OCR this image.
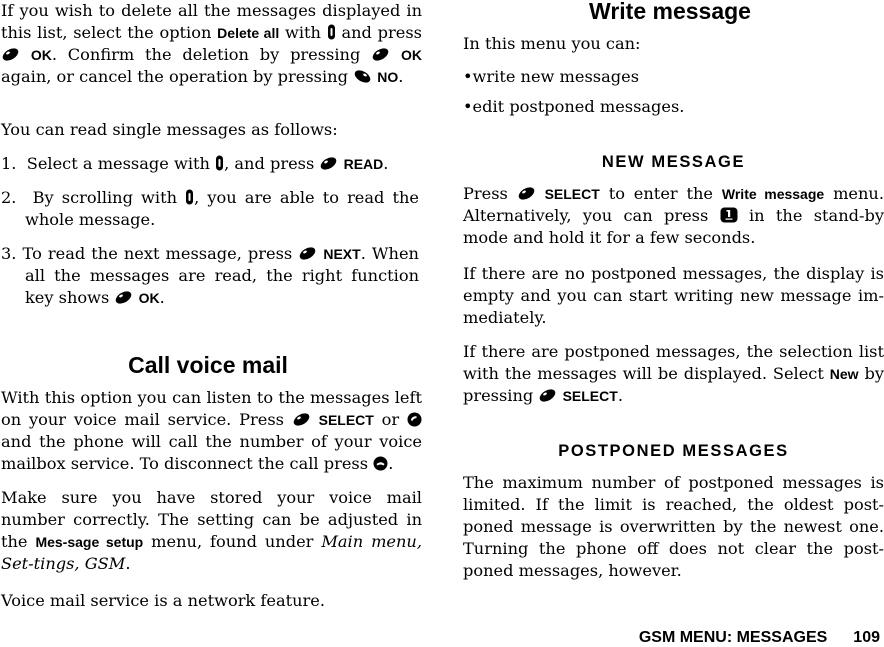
If you wish to delete all the messages displayed in this list, select the option Delete all with and press  OK. Confirm the deletion by pressing	OK again, or cancel the operation by pressing NO.

You can read single messages as follows:

1. Select a message with , and press READ.
2. By scrolling with , you are able to read the whole message.
3. To read the next message, press NEXT. When all the messages are read, the right function key shows OK.
Call voice mail

With this option you can listen to the messages left on your voice mail service. Press SELECT or  and the phone will call the number of your voice mailbox service. To disconnect the call press .

Make sure you have stored your voice mail number correctly. The setting can be adjusted in the Mes-sage setup menu, found under Main menu, Set-tings, GSM.

Voice mail service is a network feature.

Write message

In this menu you can:

•write new messages
•edit postponed messages.
NEW MESSAGE

Press	SELECT to enter the Write message menu. Alternatively, you can press	in the stand-by mode and hold it for a few seconds.

If there are no postponed messages, the display is empty and you can start writing new message im-mediately.

If there are postponed messages, the selection list with the messages will be displayed. Select New by pressing SELECT.

POSTPONED MESSAGES

The maximum number of postponed messages is limited. If the limit is reached, the oldest post-poned message is overwritten by the newest one. Turning the phone off does not clear the post-poned messages, however.

GSM MENU: MESSAGES 109
